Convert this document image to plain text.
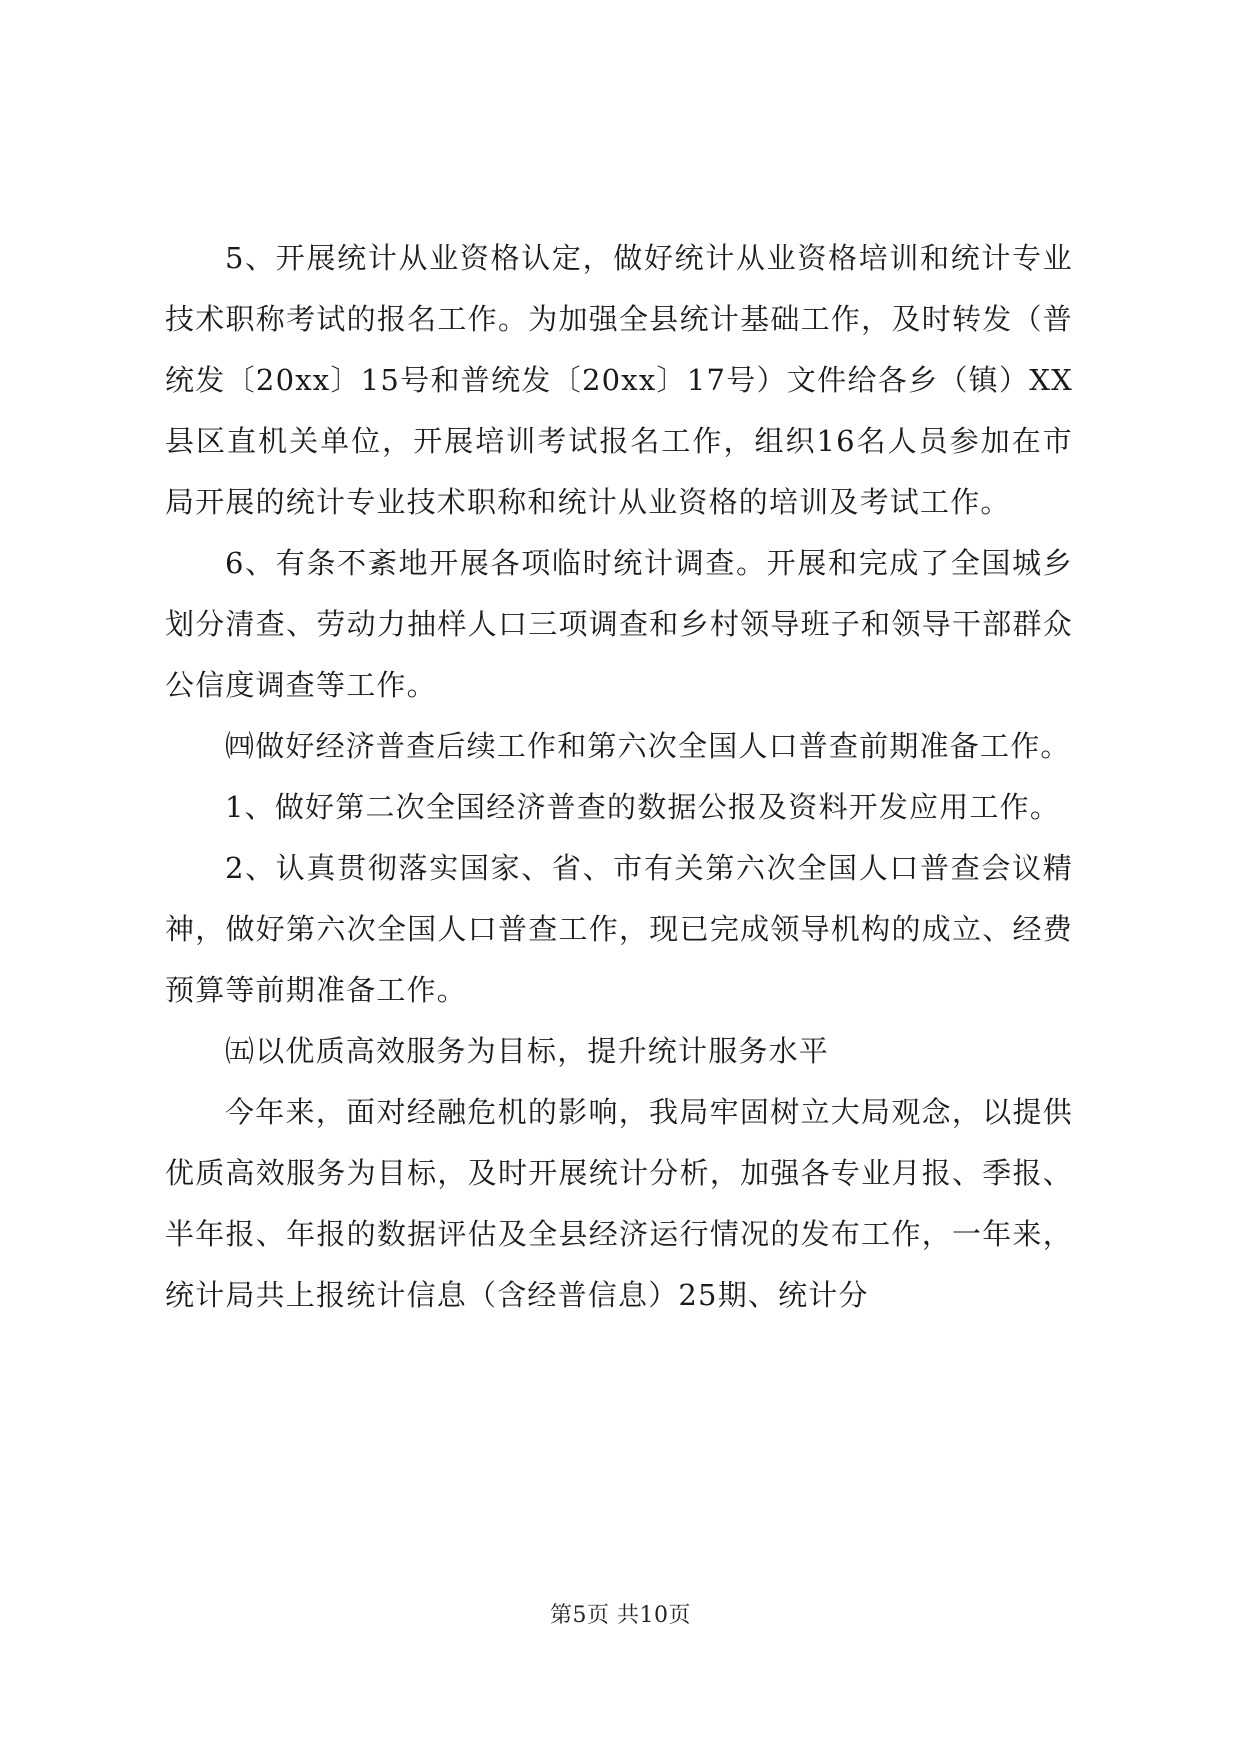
5、开展统计从业资格认定，做好统计从业资格培训和统计专业技术职称考试的报名工作。为加强全县统计基础工作，及时转发（普统发〔20xx〕15号和普统发〔20xx〕17号）文件给各乡（镇）XX县区直机关单位，开展培训考试报名工作，组织16名人员参加在市局开展的统计专业技术职称和统计从业资格的培训及考试工作。

6、有条不紊地开展各项临时统计调查。开展和完成了全国城乡划分清查、劳动力抽样人口三项调查和乡村领导班子和领导干部群众公信度调查等工作。

㈣做好经济普查后续工作和第六次全国人口普查前期准备工作。

1、做好第二次全国经济普查的数据公报及资料开发应用工作。

2、认真贯彻落实国家、省、市有关第六次全国人口普查会议精神，做好第六次全国人口普查工作，现已完成领导机构的成立、经费预算等前期准备工作。

㈤以优质高效服务为目标，提升统计服务水平

今年来，面对经融危机的影响，我局牢固树立大局观念，以提供优质高效服务为目标，及时开展统计分析，加强各专业月报、季报、半年报、年报的数据评估及全县经济运行情况的发布工作，一年来，统计局共上报统计信息（含经普信息）25期、统计分

第5页 共10页
